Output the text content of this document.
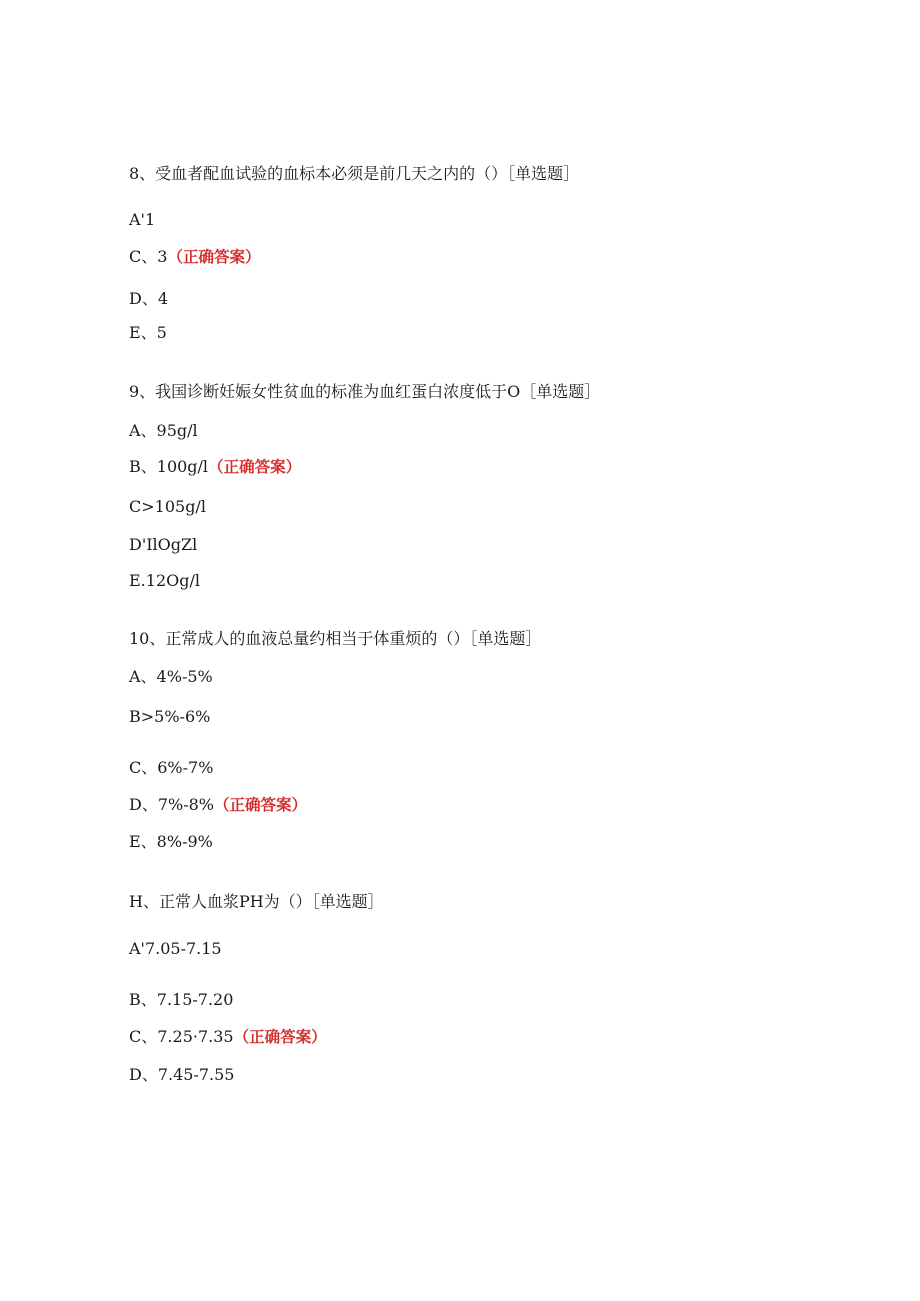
8、受血者配血试验的血标本必须是前几天之内的（）［单选题］
A'1
C、3（正确答案）
D、4
E、5
9、我国诊断妊娠女性贫血的标准为血红蛋白浓度低于O［单选题］
A、95g/l
B、100g/l（正确答案）
C>105g/l
D'IlOgZl
E.12Og/l
10、正常成人的血液总量约相当于体重烦的（）［单选题］
A、4%-5%
B>5%-6%
C、6%-7%
D、7%-8%（正确答案）
E、8%-9%
H、正常人血浆PH为（）［单选题］
A'7.05-7.15
B、7.15-7.20
C、7.25·7.35（正确答案）
D、7.45-7.55
